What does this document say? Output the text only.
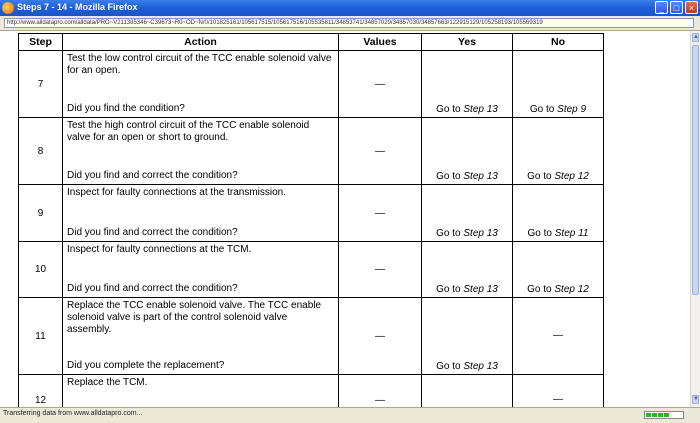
Steps 7 - 14 - Mozilla Firefox	_	□	×
http://www.alldatapro.com/alldata/PRO~V211385346~C39673~R0~OD~N/0/101825161/105617515/105617516/105535811/34853741/34857029/34857030/34857663/122915129/105258193/105569319
Step	Action	Values	Yes	No
7	Test the low control circuit of the TCC enable solenoid valve for an open.
Did you find the condition?	—	Go to Step 13	Go to Step 9
8	Test the high control circuit of the TCC enable solenoid valve for an open or short to ground.
Did you find and correct the condition?	—	Go to Step 13	Go to Step 12
9	Inspect for faulty connections at the transmission.
Did you find and correct the condition?	—	Go to Step 13	Go to Step 11
10	Inspect for faulty connections at the TCM.
Did you find and correct the condition?	—	Go to Step 13	Go to Step 12
11	Replace the TCC enable solenoid valve. The TCC enable solenoid valve is part of the control solenoid valve assembly.
Did you complete the replacement?	—	Go to Step 13	—
12	Replace the TCM.	—		—
▲
▼
Transferring data from www.alldatapro.com...
